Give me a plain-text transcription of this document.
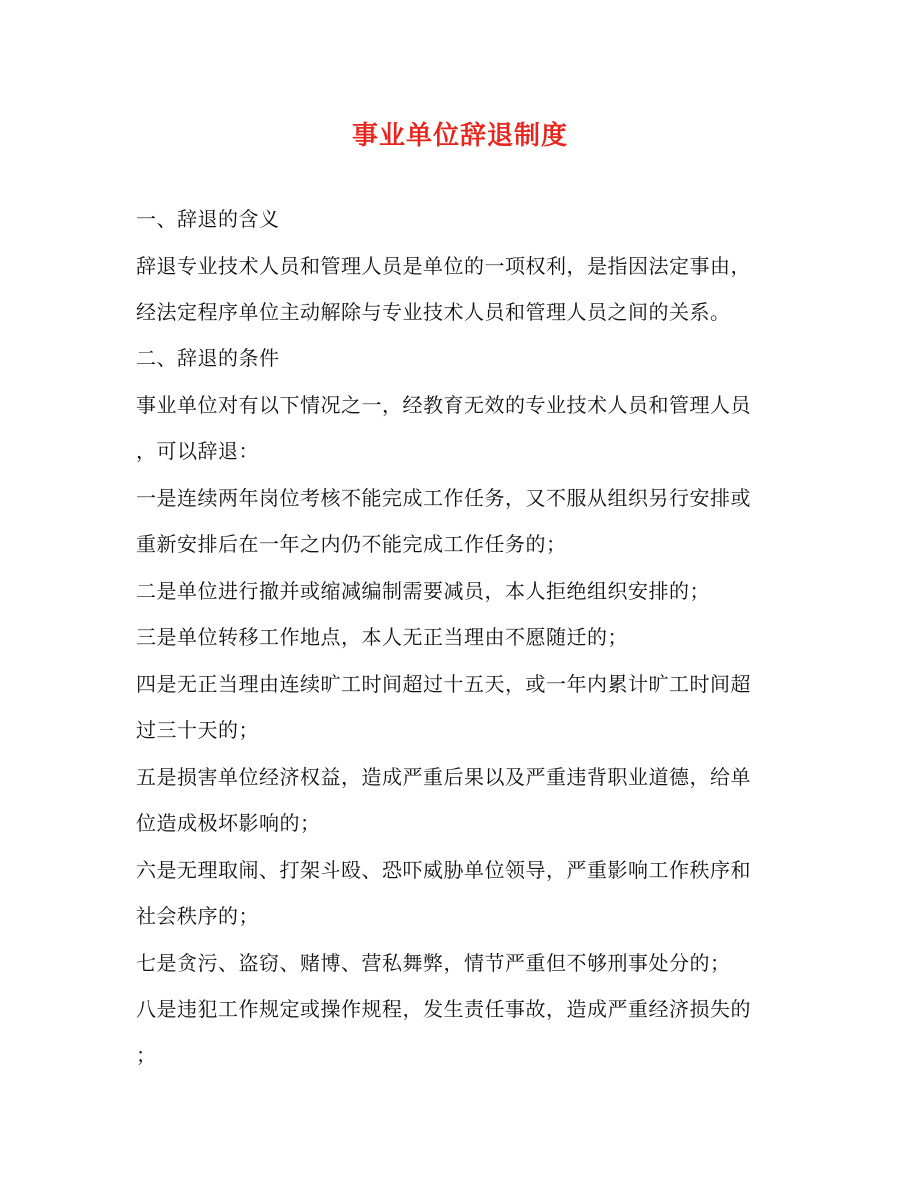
事业单位辞退制度
一、辞退的含义
辞退专业技术人员和管理人员是单位的一项权利，是指因法定事由，
经法定程序单位主动解除与专业技术人员和管理人员之间的关系。
二、辞退的条件
事业单位对有以下情况之一，经教育无效的专业技术人员和管理人员
，可以辞退：
一是连续两年岗位考核不能完成工作任务，又不服从组织另行安排或
重新安排后在一年之内仍不能完成工作任务的；
二是单位进行撤并或缩减编制需要减员，本人拒绝组织安排的；
三是单位转移工作地点，本人无正当理由不愿随迁的；
四是无正当理由连续旷工时间超过十五天，或一年内累计旷工时间超
过三十天的；
五是损害单位经济权益，造成严重后果以及严重违背职业道德，给单
位造成极坏影响的；
六是无理取闹、打架斗殴、恐吓威胁单位领导，严重影响工作秩序和
社会秩序的；
七是贪污、盗窃、赌博、营私舞弊，情节严重但不够刑事处分的；
八是违犯工作规定或操作规程，发生责任事故，造成严重经济损失的
；
